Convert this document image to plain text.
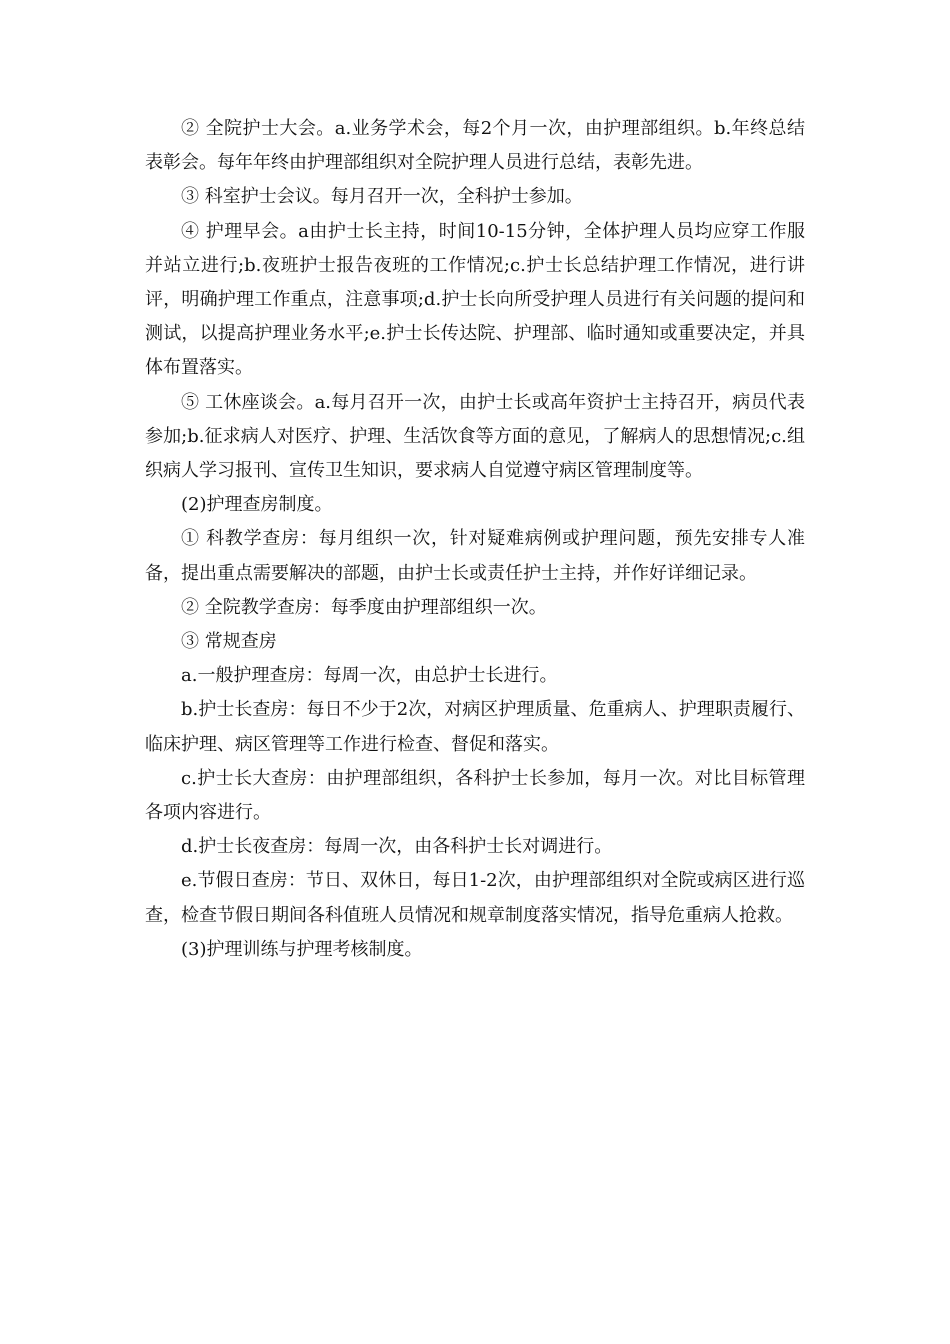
② 全院护士大会。a.业务学术会，每2个月一次，由护理部组织。b.年终总结表彰会。每年年终由护理部组织对全院护理人员进行总结，表彰先进。

③ 科室护士会议。每月召开一次，全科护士参加。

④ 护理早会。a由护士长主持，时间10-15分钟，全体护理人员均应穿工作服并站立进行;b.夜班护士报告夜班的工作情况;c.护士长总结护理工作情况，进行讲评，明确护理工作重点，注意事项;d.护士长向所受护理人员进行有关问题的提问和测试，以提高护理业务水平;e.护士长传达院、护理部、临时通知或重要决定，并具体布置落实。

⑤ 工休座谈会。a.每月召开一次，由护士长或高年资护士主持召开，病员代表参加;b.征求病人对医疗、护理、生活饮食等方面的意见，了解病人的思想情况;c.组织病人学习报刊、宣传卫生知识，要求病人自觉遵守病区管理制度等。

(2)护理查房制度。

① 科教学查房：每月组织一次，针对疑难病例或护理问题，预先安排专人准备，提出重点需要解决的部题，由护士长或责任护士主持，并作好详细记录。

② 全院教学查房：每季度由护理部组织一次。

③ 常规查房

a.一般护理查房：每周一次，由总护士长进行。

b.护士长查房：每日不少于2次，对病区护理质量、危重病人、护理职责履行、临床护理、病区管理等工作进行检查、督促和落实。

c.护士长大查房：由护理部组织，各科护士长参加，每月一次。对比目标管理各项内容进行。

d.护士长夜查房：每周一次，由各科护士长对调进行。

e.节假日查房：节日、双休日，每日1-2次，由护理部组织对全院或病区进行巡查，检查节假日期间各科值班人员情况和规章制度落实情况，指导危重病人抢救。

(3)护理训练与护理考核制度。
